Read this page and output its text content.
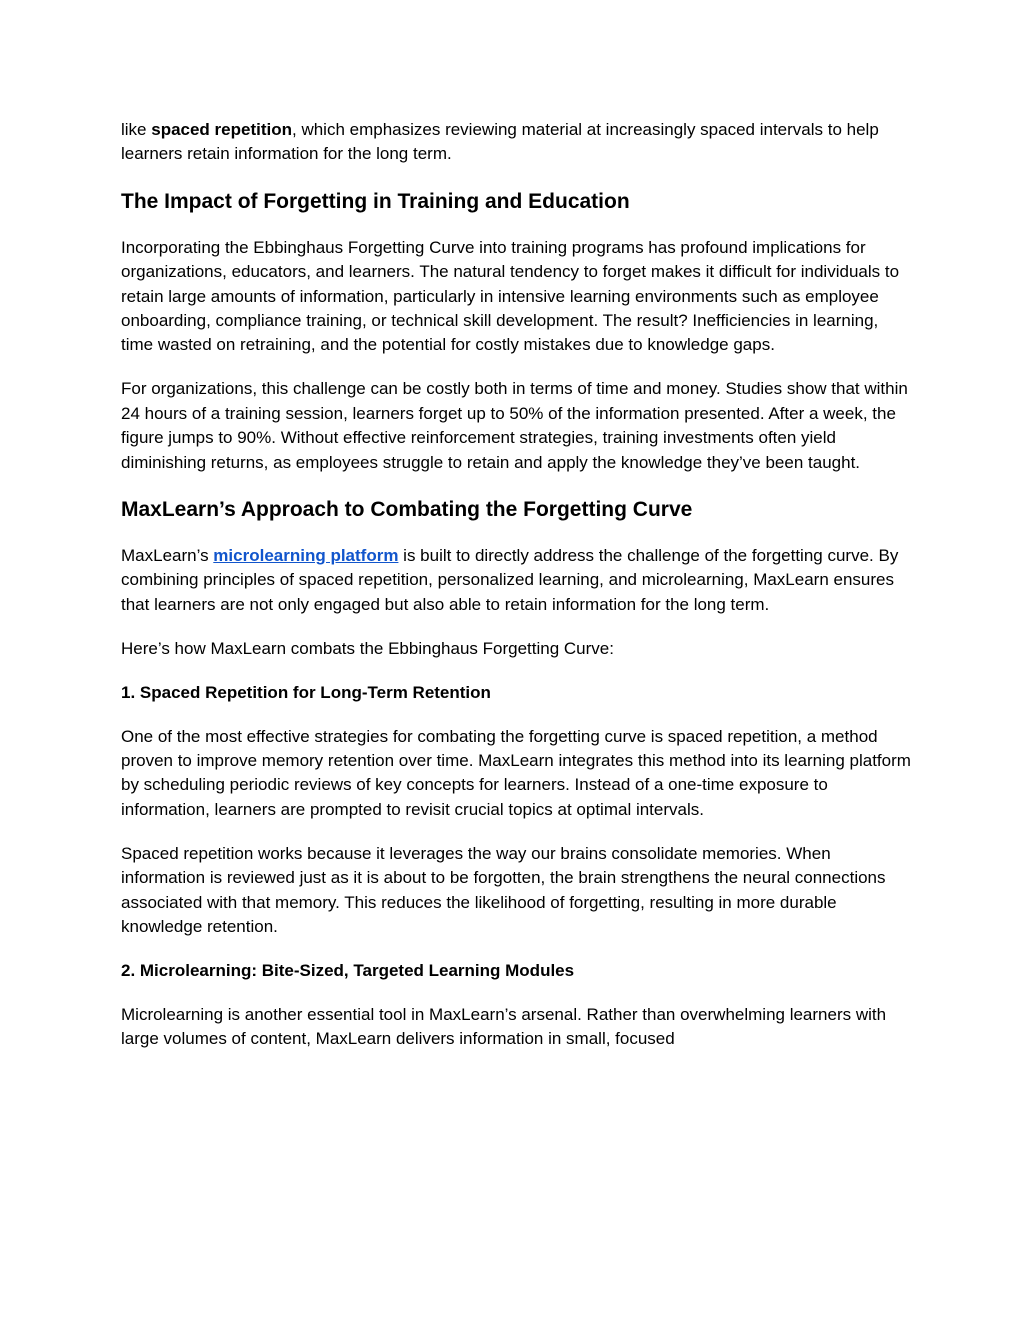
like spaced repetition, which emphasizes reviewing material at increasingly spaced intervals to help learners retain information for the long term.

The Impact of Forgetting in Training and Education

Incorporating the Ebbinghaus Forgetting Curve into training programs has profound implications for organizations, educators, and learners. The natural tendency to forget makes it difficult for individuals to retain large amounts of information, particularly in intensive learning environments such as employee onboarding, compliance training, or technical skill development. The result? Inefficiencies in learning, time wasted on retraining, and the potential for costly mistakes due to knowledge gaps.

For organizations, this challenge can be costly both in terms of time and money. Studies show that within 24 hours of a training session, learners forget up to 50% of the information presented. After a week, the figure jumps to 90%. Without effective reinforcement strategies, training investments often yield diminishing returns, as employees struggle to retain and apply the knowledge they’ve been taught.

MaxLearn’s Approach to Combating the Forgetting Curve

MaxLearn’s microlearning platform is built to directly address the challenge of the forgetting curve. By combining principles of spaced repetition, personalized learning, and microlearning, MaxLearn ensures that learners are not only engaged but also able to retain information for the long term.

Here’s how MaxLearn combats the Ebbinghaus Forgetting Curve:

1. Spaced Repetition for Long-Term Retention

One of the most effective strategies for combating the forgetting curve is spaced repetition, a method proven to improve memory retention over time. MaxLearn integrates this method into its learning platform by scheduling periodic reviews of key concepts for learners. Instead of a one-time exposure to information, learners are prompted to revisit crucial topics at optimal intervals.

Spaced repetition works because it leverages the way our brains consolidate memories. When information is reviewed just as it is about to be forgotten, the brain strengthens the neural connections associated with that memory. This reduces the likelihood of forgetting, resulting in more durable knowledge retention.

2. Microlearning: Bite-Sized, Targeted Learning Modules

Microlearning is another essential tool in MaxLearn’s arsenal. Rather than overwhelming learners with large volumes of content, MaxLearn delivers information in small, focused
